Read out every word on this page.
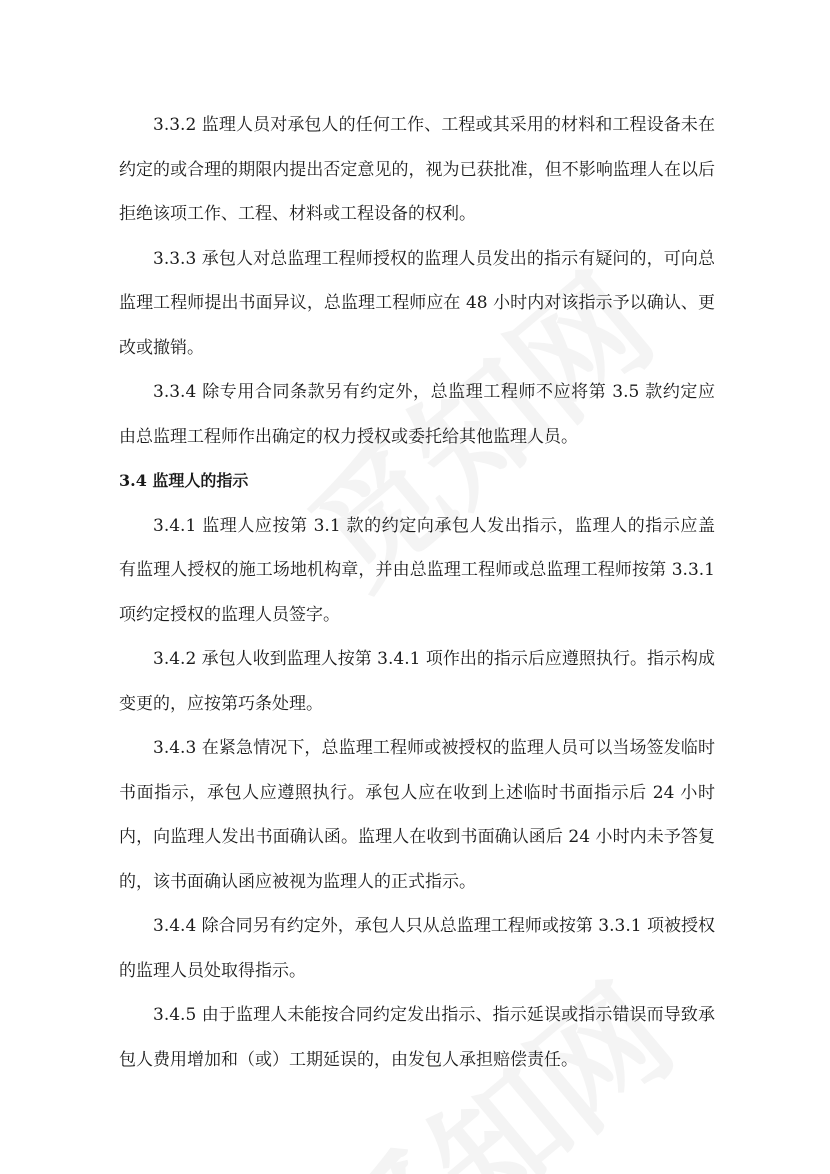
3.3.2 监理人员对承包人的任何工作、工程或其采用的材料和工程设备未在约定的或合理的期限内提出否定意见的，视为已获批准，但不影响监理人在以后拒绝该项工作、工程、材料或工程设备的权利。

3.3.3 承包人对总监理工程师授权的监理人员发出的指示有疑问的，可向总监理工程师提出书面异议，总监理工程师应在 48 小时内对该指示予以确认、更改或撤销。

3.3.4 除专用合同条款另有约定外，总监理工程师不应将第 3.5 款约定应由总监理工程师作出确定的权力授权或委托给其他监理人员。

3.4 监理人的指示

3.4.1 监理人应按第 3.1 款的约定向承包人发出指示，监理人的指示应盖有监理人授权的施工场地机构章，并由总监理工程师或总监理工程师按第 3.3.1 项约定授权的监理人员签字。

3.4.2 承包人收到监理人按第 3.4.1 项作出的指示后应遵照执行。指示构成变更的，应按第巧条处理。

3.4.3 在紧急情况下，总监理工程师或被授权的监理人员可以当场签发临时书面指示，承包人应遵照执行。承包人应在收到上述临时书面指示后 24 小时内，向监理人发出书面确认函。监理人在收到书面确认函后 24 小时内未予答复的，该书面确认函应被视为监理人的正式指示。

3.4.4 除合同另有约定外，承包人只从总监理工程师或按第 3.3.1 项被授权的监理人员处取得指示。

3.4.5 由于监理人未能按合同约定发出指示、指示延误或指示错误而导致承包人费用增加和（或）工期延误的，由发包人承担赔偿责任。
